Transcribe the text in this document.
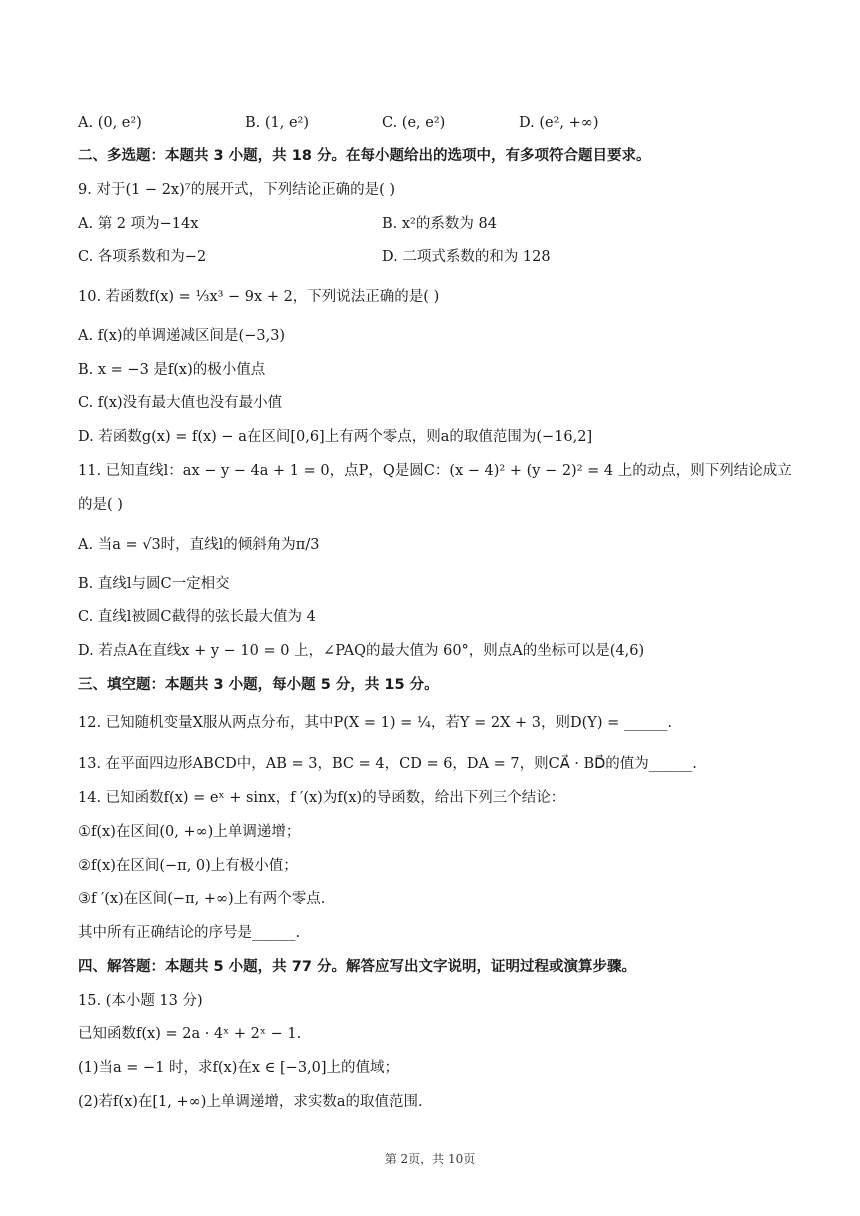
A. (0, e²)	B. (1, e²)	C. (e, e²)	D. (e², +∞)
二、多选题：本题共 3 小题，共 18 分。在每小题给出的选项中，有多项符合题目要求。
9. 对于(1 − 2x)⁷的展开式，下列结论正确的是( )
A. 第 2 项为−14x	B. x²的系数为 84
C. 各项系数和为−2	D. 二项式系数的和为 128
10. 若函数f(x) = ⅓x³ − 9x + 2，下列说法正确的是( )
A. f(x)的单调递减区间是(−3,3)
B. x = −3 是f(x)的极小值点
C. f(x)没有最大值也没有最小值
D. 若函数g(x) = f(x) − a在区间[0,6]上有两个零点，则a的取值范围为(−16,2]
11. 已知直线l：ax − y − 4a + 1 = 0，点P，Q是圆C：(x − 4)² + (y − 2)² = 4 上的动点，则下列结论成立
的是( )
A. 当a = √3时，直线l的倾斜角为π/3
B. 直线l与圆C一定相交
C. 直线l被圆C截得的弦长最大值为 4
D. 若点A在直线x + y − 10 = 0 上，∠PAQ的最大值为 60°，则点A的坐标可以是(4,6)
三、填空题：本题共 3 小题，每小题 5 分，共 15 分。
12. 已知随机变量X服从两点分布，其中P(X = 1) = ¼，若Y = 2X + 3，则D(Y) = ______.
13. 在平面四边形ABCD中，AB = 3，BC = 4，CD = 6，DA = 7，则CA⃗ · BD⃗的值为______.
14. 已知函数f(x) = eˣ + sinx，f ′(x)为f(x)的导函数，给出下列三个结论：
①f(x)在区间(0, +∞)上单调递增；
②f(x)在区间(−π, 0)上有极小值；
③f ′(x)在区间(−π, +∞)上有两个零点.
其中所有正确结论的序号是______.
四、解答题：本题共 5 小题，共 77 分。解答应写出文字说明，证明过程或演算步骤。
15. (本小题 13 分)
已知函数f(x) = 2a · 4ˣ + 2ˣ − 1.
(1)当a = −1 时，求f(x)在x ∈ [−3,0]上的值域；
(2)若f(x)在[1, +∞)上单调递增，求实数a的取值范围.
第 2页，共 10页
